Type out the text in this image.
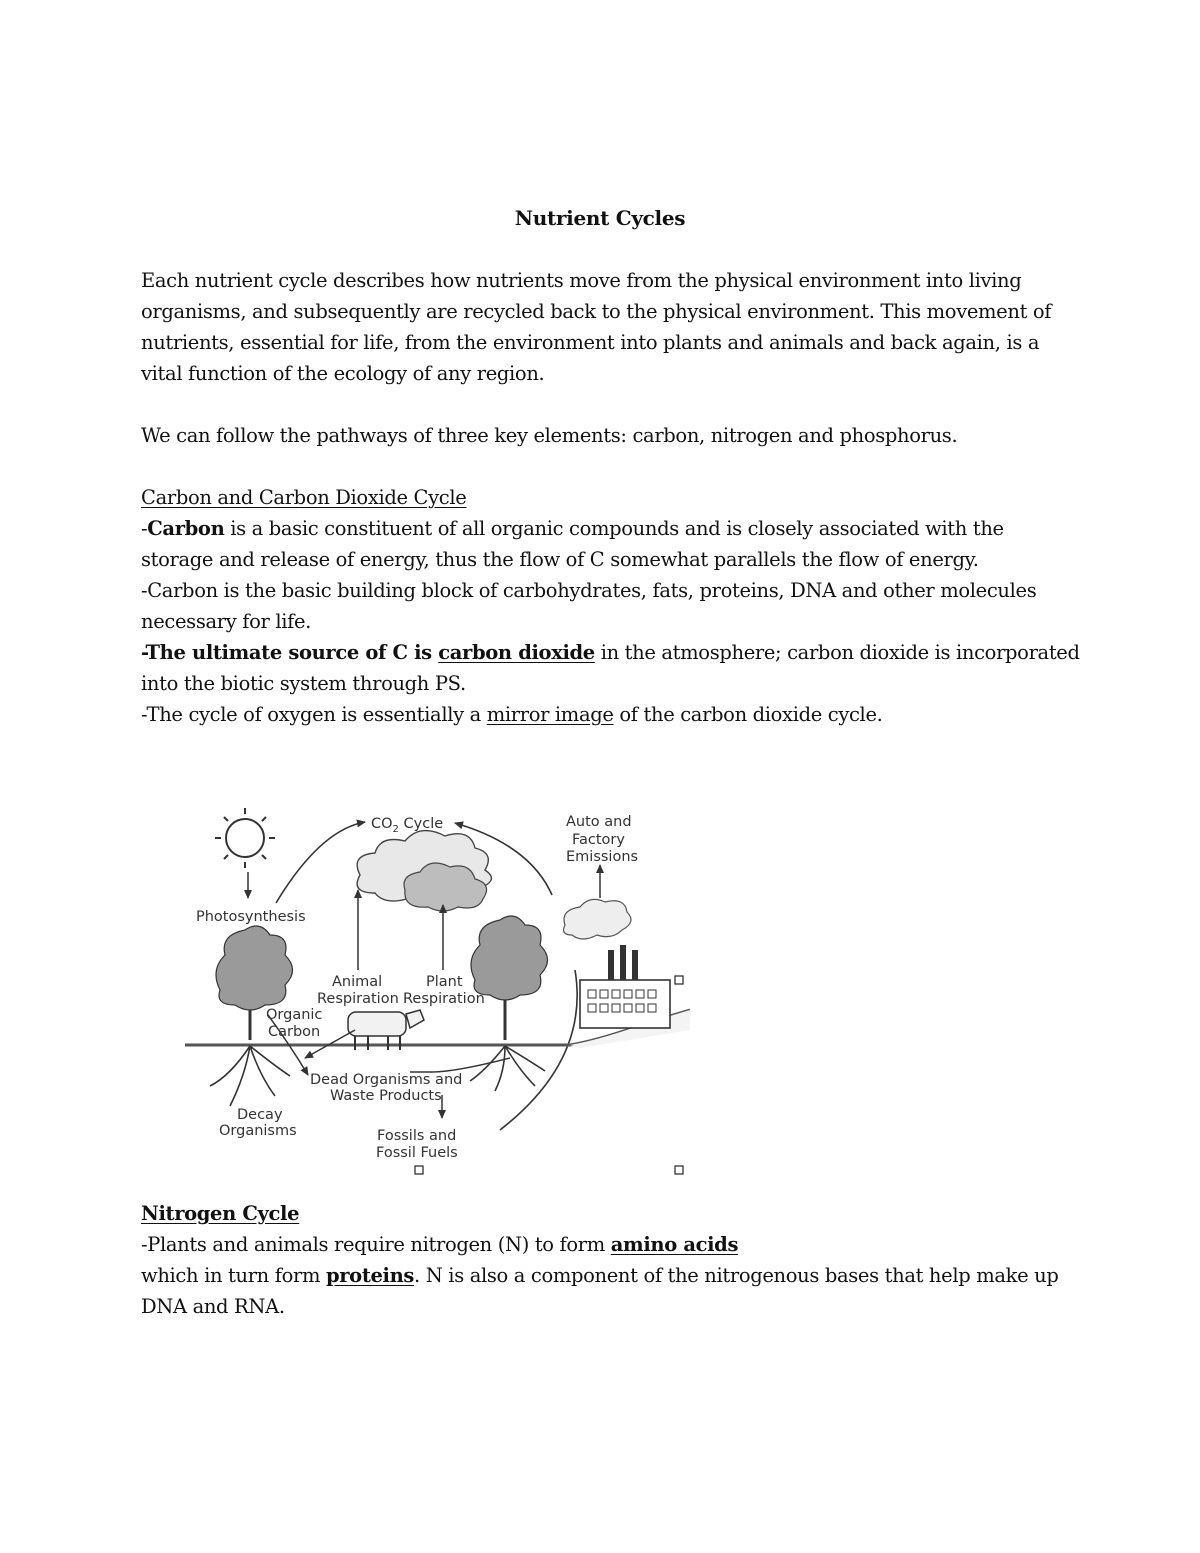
Nutrient Cycles
Each nutrient cycle describes how nutrients move from the physical environment into living
organisms, and subsequently are recycled back to the physical environment. This movement of
nutrients, essential for life, from the environment into plants and animals and back again, is a
vital function of the ecology of any region.
We can follow the pathways of three key elements: carbon, nitrogen and phosphorus.
Carbon and Carbon Dioxide Cycle
-Carbon is a basic constituent of all organic compounds and is closely associated with the
storage and release of energy, thus the flow of C somewhat parallels the flow of energy.
-Carbon is the basic building block of carbohydrates, fats, proteins, DNA and other molecules
necessary for life.
-The ultimate source of C is carbon dioxide in the atmosphere; carbon dioxide is incorporated
into the biotic system through PS.
-The cycle of oxygen is essentially a mirror image of the carbon dioxide cycle.
$CO_2$ Cycle	Auto and
Factory
Emissions
Photosynthesis
Animal	Plant
Respiration Respiration
Organic
Carbon
Dead Organisms and
Waste Products
Decay
Organisms	Fossils and
Fossil Fuels
Nitrogen Cycle
-Plants and animals require nitrogen (N) to form amino acids
which in turn form proteins. N is also a component of the nitrogenous bases that help make up
DNA and RNA.
